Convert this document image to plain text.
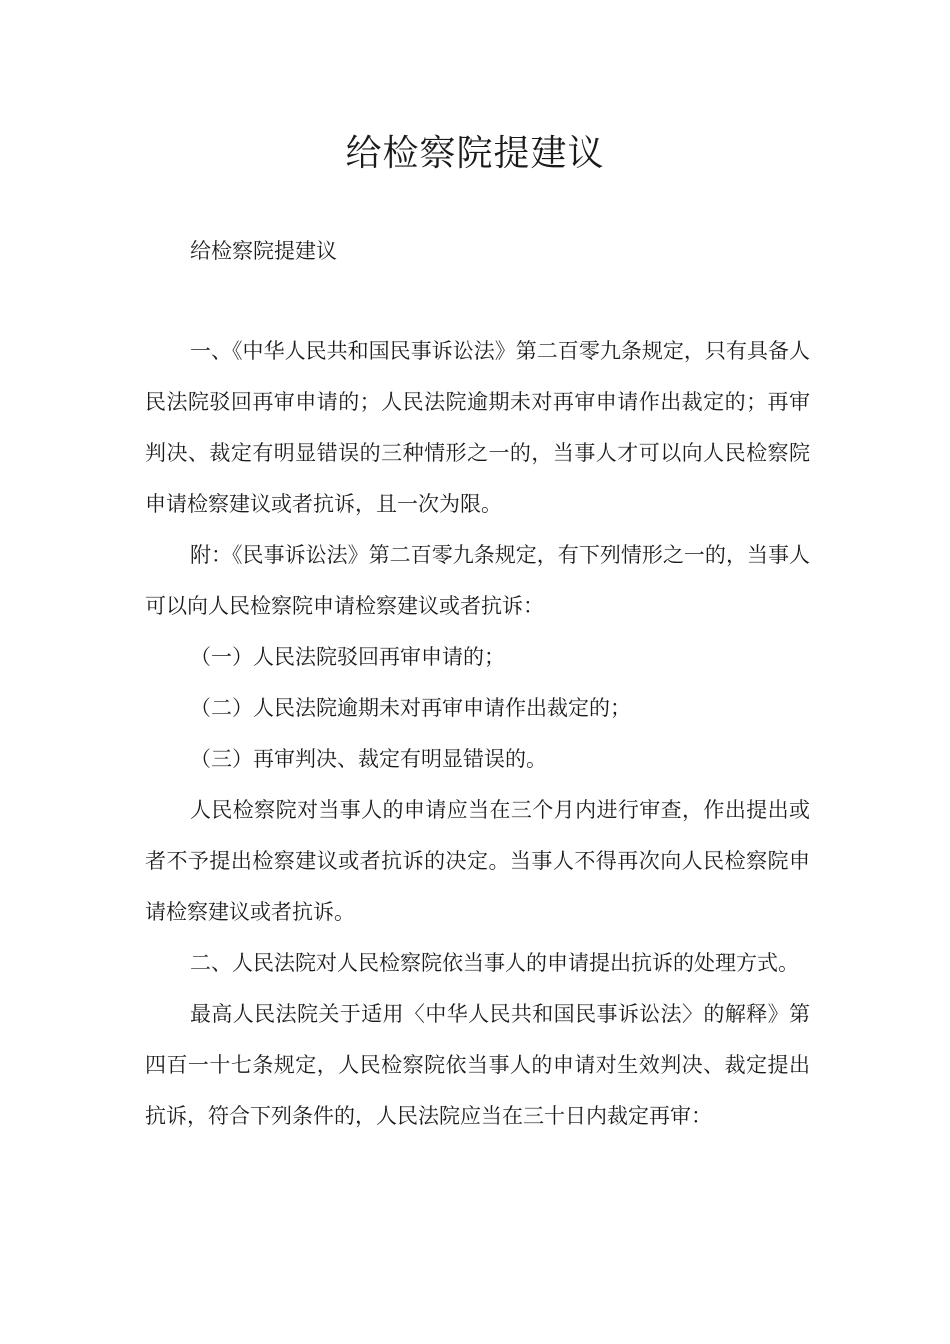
给检察院提建议
给检察院提建议

一、《中华人民共和国民事诉讼法》第二百零九条规定，只有具备人民法院驳回再审申请的；人民法院逾期未对再审申请作出裁定的；再审判决、裁定有明显错误的三种情形之一的，当事人才可以向人民检察院申请检察建议或者抗诉，且一次为限。

附：《民事诉讼法》第二百零九条规定，有下列情形之一的，当事人可以向人民检察院申请检察建议或者抗诉：

（一）人民法院驳回再审申请的；

（二）人民法院逾期未对再审申请作出裁定的；

（三）再审判决、裁定有明显错误的。

人民检察院对当事人的申请应当在三个月内进行审查，作出提出或者不予提出检察建议或者抗诉的决定。当事人不得再次向人民检察院申请检察建议或者抗诉。

二、人民法院对人民检察院依当事人的申请提出抗诉的处理方式。

最高人民法院关于适用〈中华人民共和国民事诉讼法〉的解释》第四百一十七条规定，人民检察院依当事人的申请对生效判决、裁定提出抗诉，符合下列条件的，人民法院应当在三十日内裁定再审：
